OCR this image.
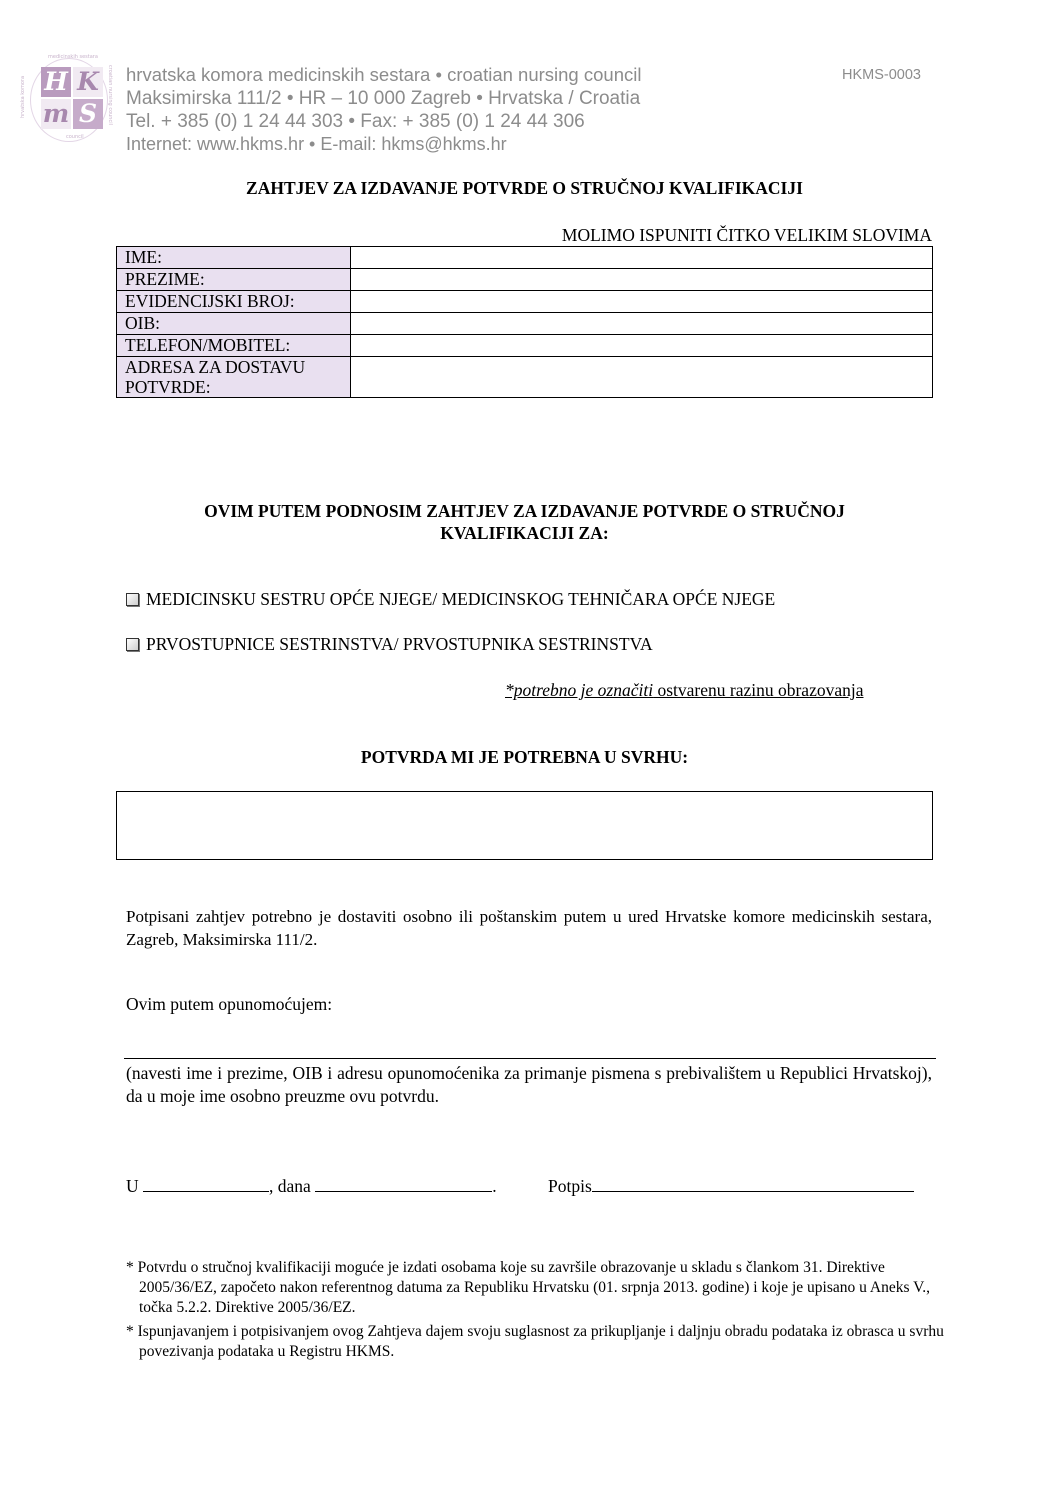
medicinskih sestara
hrvatska komora	croatian nursing council
council
H K
m S
hrvatska komora medicinskih sestara • croatian nursing council
Maksimirska 111/2 • HR – 10 000 Zagreb • Hrvatska / Croatia
Tel. + 385 (0) 1 24 44 303 • Fax: + 385 (0) 1 24 44 306
Internet: www.hkms.hr • E-mail: hkms@hkms.hr
HKMS-0003
ZAHTJEV ZA IZDAVANJE POTVRDE O STRUČNOJ KVALIFIKACIJI
MOLIMO ISPUNITI ČITKO VELIKIM SLOVIMA
IME:	
PREZIME:	
EVIDENCIJSKI BROJ:	
OIB:	
TELEFON/MOBITEL:	
ADRESA ZA DOSTAVU POTVRDE:	
OVIM PUTEM PODNOSIM ZAHTJEV ZA IZDAVANJE POTVRDE O STRUČNOJ
KVALIFIKACIJI ZA:
MEDICINSKU SESTRU OPĆE NJEGE/ MEDICINSKOG TEHNIČARA OPĆE NJEGE
PRVOSTUPNICE SESTRINSTVA/ PRVOSTUPNIKA SESTRINSTVA
*potrebno je označiti ostvarenu razinu obrazovanja
POTVRDA MI JE POTREBNA U SVRHU:
Potpisani zahtjev potrebno je dostaviti osobno ili poštanskim putem u ured Hrvatske komore medicinskih sestara, Zagreb, Maksimirska 111/2.
Ovim putem opunomoćujem:
(navesti ime i prezime, OIB i adresu opunomoćenika za primanje pismena s prebivalištem u Republici Hrvatskoj), da u moje ime osobno preuzme ovu potvrdu.
U	, dana	.	Potpis
* Potvrdu o stručnoj kvalifikaciji moguće je izdati osobama koje su završile obrazovanje u skladu s člankom 31. Direktive 2005/36/EZ, započeto nakon referentnog datuma za Republiku Hrvatsku (01. srpnja 2013. godine) i koje je upisano u Aneks V., točka 5.2.2. Direktive 2005/36/EZ.
* Ispunjavanjem i potpisivanjem ovog Zahtjeva dajem svoju suglasnost za prikupljanje i daljnju obradu podataka iz obrasca u svrhu povezivanja podataka u Registru HKMS.
